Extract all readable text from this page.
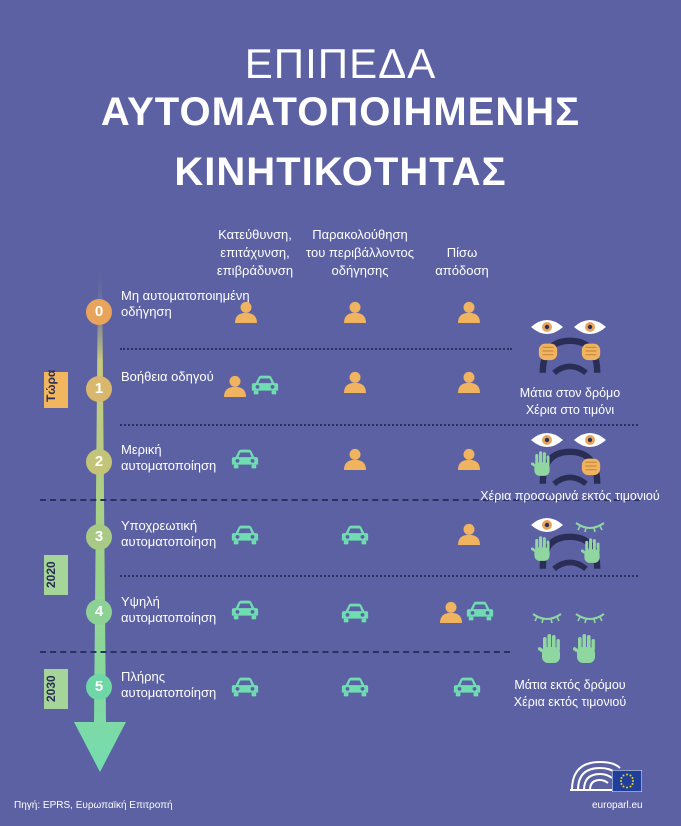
ΕΠΙΠΕΔΑ
ΑΥΤΟΜΑΤΟΠΟΙΗΜΕΝΗΣ
ΚΙΝΗΤΙΚΟΤΗΤΑΣ
Κατεύθυνση, επιτάχυνση, επιβράδυνση
Παρακολούθηση του περιβάλλοντος οδήγησης
Πίσω απόδοση
Τώρα
2020
2030
0
Μη αυτοματοποιημένη οδήγηση
1
Βοήθεια οδηγού
2
Μερική αυτοματοποίηση
3
Υποχρεωτική αυτοματοποίηση
4
Υψηλή αυτοματοποίηση
5
Πλήρης αυτοματοποίηση
Μάτια στον δρόμο
Χέρια στο τιμόνι
Χέρια προσωρινά εκτός τιμονιού
Μάτια εκτός δρόμου
Χέρια εκτός τιμονιού
Πηγή: EPRS, Ευρωπαϊκή Επιτροπή	europarl.eu
